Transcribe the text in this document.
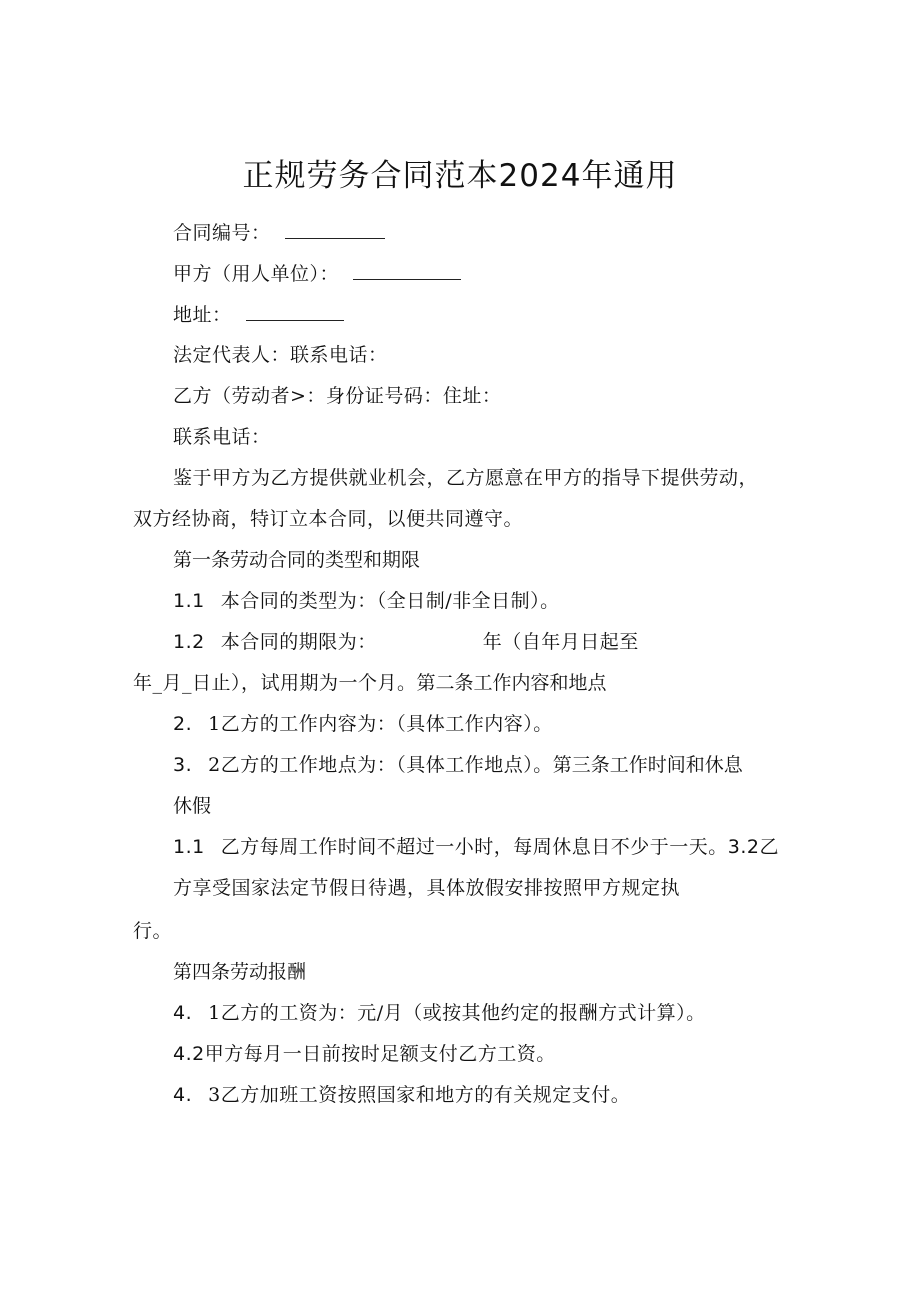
正规劳务合同范本2024年通用
合同编号：
甲方（用人单位）：
地址：
法定代表人：联系电话：
乙方（劳动者>：身份证号码：住址：
联系电话：
鉴于甲方为乙方提供就业机会，乙方愿意在甲方的指导下提供劳动，
双方经协商，特订立本合同，以便共同遵守。
第一条劳动合同的类型和期限
1.1 本合同的类型为：（全日制/非全日制）。
1.2 本合同的期限为：	年（自年月日起至
年_月_日止），试用期为一个月。第二条工作内容和地点
2. 1乙方的工作内容为：（具体工作内容）。
3. 2乙方的工作地点为：（具体工作地点）。第三条工作时间和休息
休假
1.1 乙方每周工作时间不超过一小时，每周休息日不少于一天。3.2乙
方享受国家法定节假日待遇，具体放假安排按照甲方规定执
行。
第四条劳动报酬
4. 1乙方的工资为：元/月（或按其他约定的报酬方式计算）。
4.2甲方每月一日前按时足额支付乙方工资。
4. 3乙方加班工资按照国家和地方的有关规定支付。
